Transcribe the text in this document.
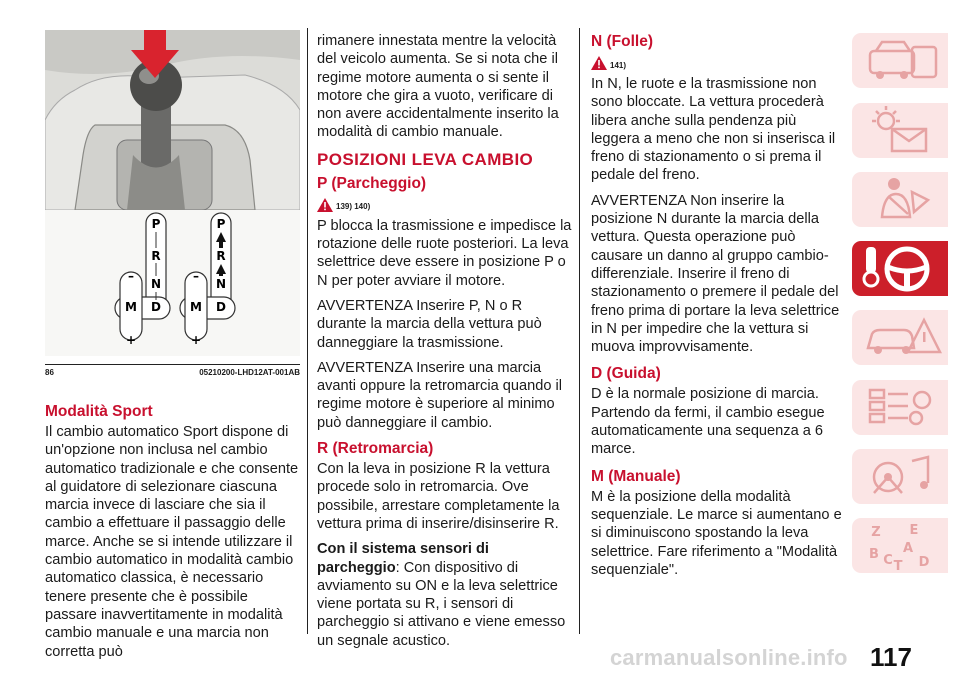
P
R
N
M D
–
+
P
R
N
M D
–
+
86	05210200-LHD12AT-001AB
Modalità Sport

Il cambio automatico Sport dispone di un'opzione non inclusa nel cambio automatico tradizionale e che consente al guidatore di selezionare ciascuna marcia invece di lasciare che sia il cambio a effettuare il passaggio delle marce. Anche se si intende utilizzare il cambio automatico in modalità cambio automatico classica, è necessario tenere presente che è possibile passare inavvertitamente in modalità cambio manuale e una marcia non corretta può

rimanere innestata mentre la velocità del veicolo aumenta. Se si nota che il regime motore aumenta o si sente il motore che gira a vuoto, verificare di non avere accidentalmente inserito la modalità di cambio manuale.

POSIZIONI LEVA CAMBIO
P (Parcheggio)
139) 140)

P blocca la trasmissione e impedisce la rotazione delle ruote posteriori. La leva selettrice deve essere in posizione P o N per poter avviare il motore.

AVVERTENZA Inserire P, N o R durante la marcia della vettura può danneggiare la trasmissione.

AVVERTENZA Inserire una marcia avanti oppure la retromarcia quando il regime motore è superiore al minimo può danneggiare il cambio.

R (Retromarcia)

Con la leva in posizione R la vettura procede solo in retromarcia. Ove possibile, arrestare completamente la vettura prima di inserire/disinserire R.

Con il sistema sensori di parcheggio: Con dispositivo di avviamento su ON e la leva selettrice viene portata su R, i sensori di parcheggio si attivano e viene emesso un segnale acustico.

N (Folle)
141)

In N, le ruote e la trasmissione non sono bloccate. La vettura procederà libera anche sulla pendenza più leggera a meno che non si inserisca il freno di stazionamento o si prema il pedale del freno.

AVVERTENZA Non inserire la posizione N durante la marcia della vettura. Questa operazione può causare un danno al gruppo cambio-differenziale. Inserire il freno di stazionamento o premere il pedale del freno prima di portare la leva selettrice in N per impedire che la vettura si muova improvvisamente.

D (Guida)

D è la normale posizione di marcia. Partendo da fermi, il cambio esegue automaticamente una sequenza a 6 marce.

M (Manuale)

M è la posizione della modalità sequenziale. Le marce si aumentano e si diminuiscono spostando la leva selettrice. Fare riferimento a "Modalità sequenziale".

Z E
A
B C T D
carmanualsonline.info 117
